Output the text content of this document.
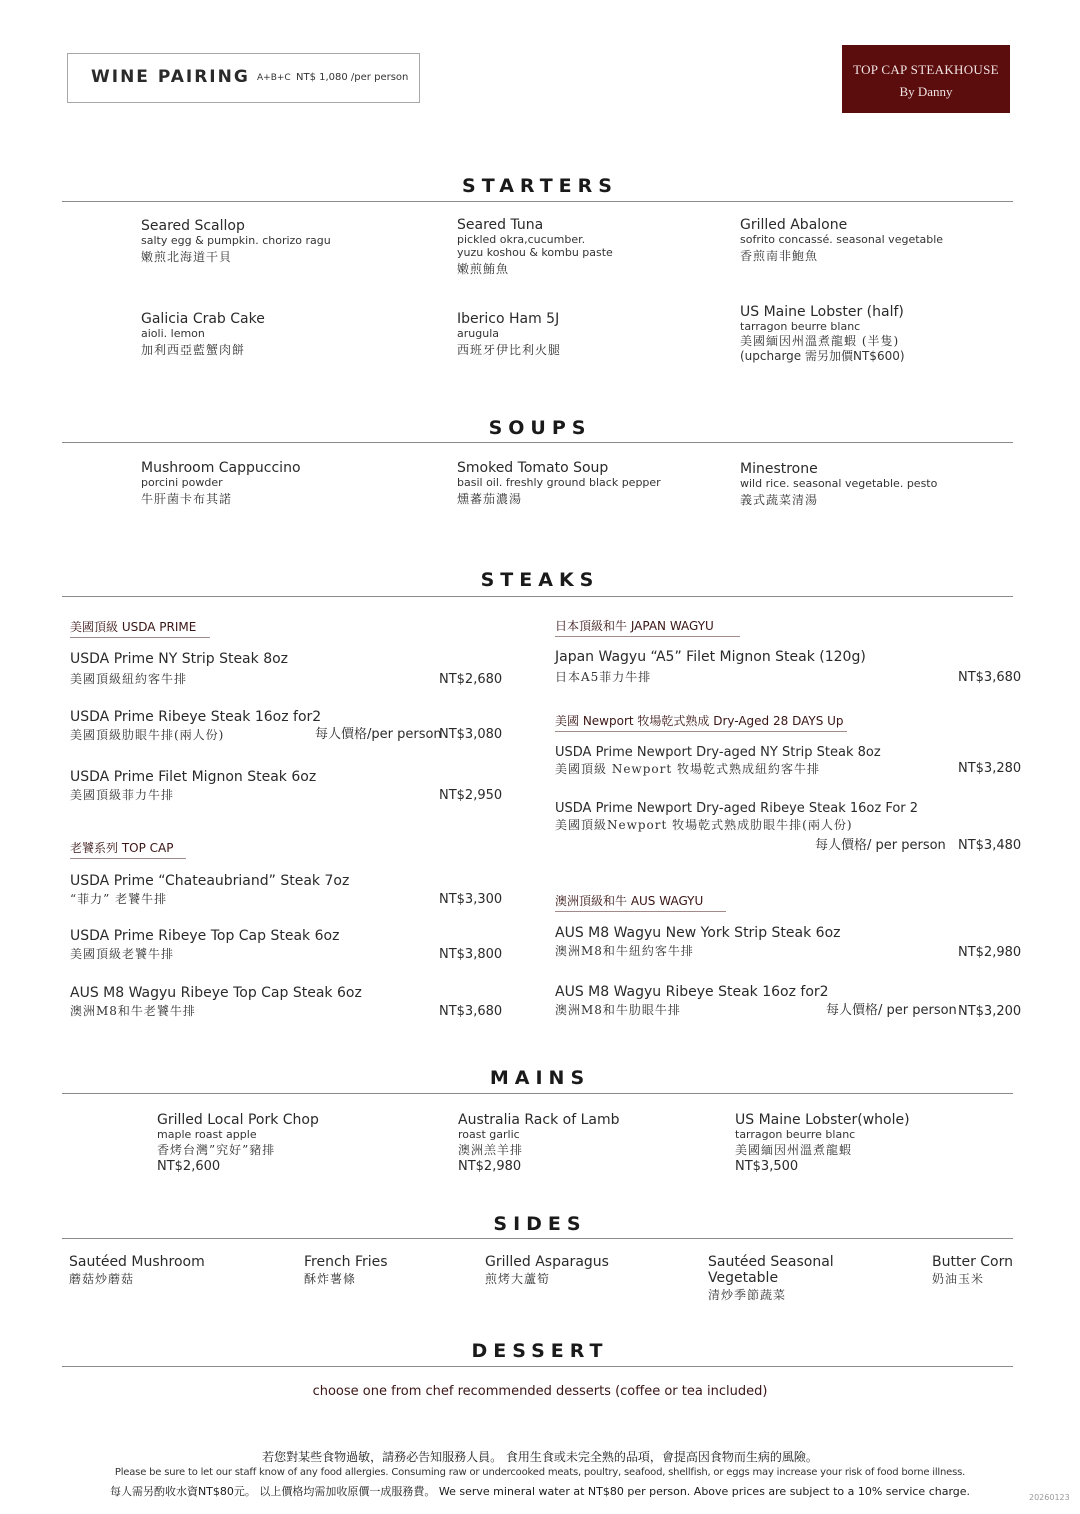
WINE PAIRING A+B+C NT$ 1,080 /per person
TOP CAP STEAKHOUSE
By Danny
STARTERS
Seared Scallop
salty egg & pumpkin. chorizo ragu
嫩煎北海道干貝
Seared Tuna
pickled okra,cucumber.
yuzu koshou & kombu paste
嫩煎鮪魚
Grilled Abalone
sofrito concassé. seasonal vegetable
香煎南非鮑魚
Galicia Crab Cake
aioli. lemon
加利西亞藍蟹肉餅
Iberico Ham 5J
arugula
西班牙伊比利火腿
US Maine Lobster (half)
tarragon beurre blanc
美國緬因州溫煮龍蝦 (半隻)
(upcharge 需另加價NT$600)
SOUPS
Mushroom Cappuccino
porcini powder
牛肝菌卡布其諾
Smoked Tomato Soup
basil oil. freshly ground black pepper
燻蕃茄濃湯
Minestrone
wild rice. seasonal vegetable. pesto
義式蔬菜清湯
STEAKS
美國頂級 USDA PRIME
USDA Prime NY Strip Steak 8oz
美國頂級紐約客牛排	NT$2,680
USDA Prime Ribeye Steak 16oz for2
美國頂級肋眼牛排(兩人份)	每人價格/per person
NT$3,080
USDA Prime Filet Mignon Steak 6oz
美國頂級菲力牛排	NT$2,950
老饕系列 TOP CAP
USDA Prime “Chateaubriand” Steak 7oz
“菲力” 老饕牛排	NT$3,300
USDA Prime Ribeye Top Cap Steak 6oz
美國頂級老饕牛排	NT$3,800
AUS M8 Wagyu Ribeye Top Cap Steak 6oz
澳洲M8和牛老饕牛排	NT$3,680
日本頂級和牛 JAPAN WAGYU
Japan Wagyu “A5” Filet Mignon Steak (120g)
日本A5菲力牛排	NT$3,680
美國 Newport 牧場乾式熟成 Dry-Aged 28 DAYS Up
USDA Prime Newport Dry-aged NY Strip Steak 8oz
美國頂級 Newport 牧場乾式熟成紐約客牛排	NT$3,280
USDA Prime Newport Dry-aged Ribeye Steak 16oz For 2
美國頂級Newport 牧場乾式熟成肋眼牛排(兩人份)
每人價格/ per person NT$3,480
澳洲頂級和牛 AUS WAGYU
AUS M8 Wagyu New York Strip Steak 6oz
澳洲M8和牛紐約客牛排	NT$2,980
AUS M8 Wagyu Ribeye Steak 16oz for2
澳洲M8和牛肋眼牛排	每人價格/ per person NT$3,200
MAINS
Grilled Local Pork Chop
maple roast apple
香烤台灣”究好”豬排
NT$2,600
Australia Rack of Lamb
roast garlic
澳洲羔羊排
NT$2,980
US Maine Lobster(whole)
tarragon beurre blanc
美國緬因州溫煮龍蝦
NT$3,500
SIDES
Sautéed Mushroom
蘑菇炒蘑菇
French Fries
酥炸薯條
Grilled Asparagus
煎烤大蘆筍
Sautéed Seasonal
Vegetable
清炒季節蔬菜
Butter Corn
奶油玉米
DESSERT
choose one from chef recommended desserts (coffee or tea included)
若您對某些食物過敏，請務必告知服務人員。 食用生食或未完全熟的品項，會提高因食物而生病的風險。
Please be sure to let our staff know of any food allergies. Consuming raw or undercooked meats, poultry, seafood, shellfish, or eggs may increase your risk of food borne illness.
每人需另酌收水資NT$80元。 以上價格均需加收原價一成服務費。 We serve mineral water at NT$80 per person. Above prices are subject to a 10% service charge.	20260123
